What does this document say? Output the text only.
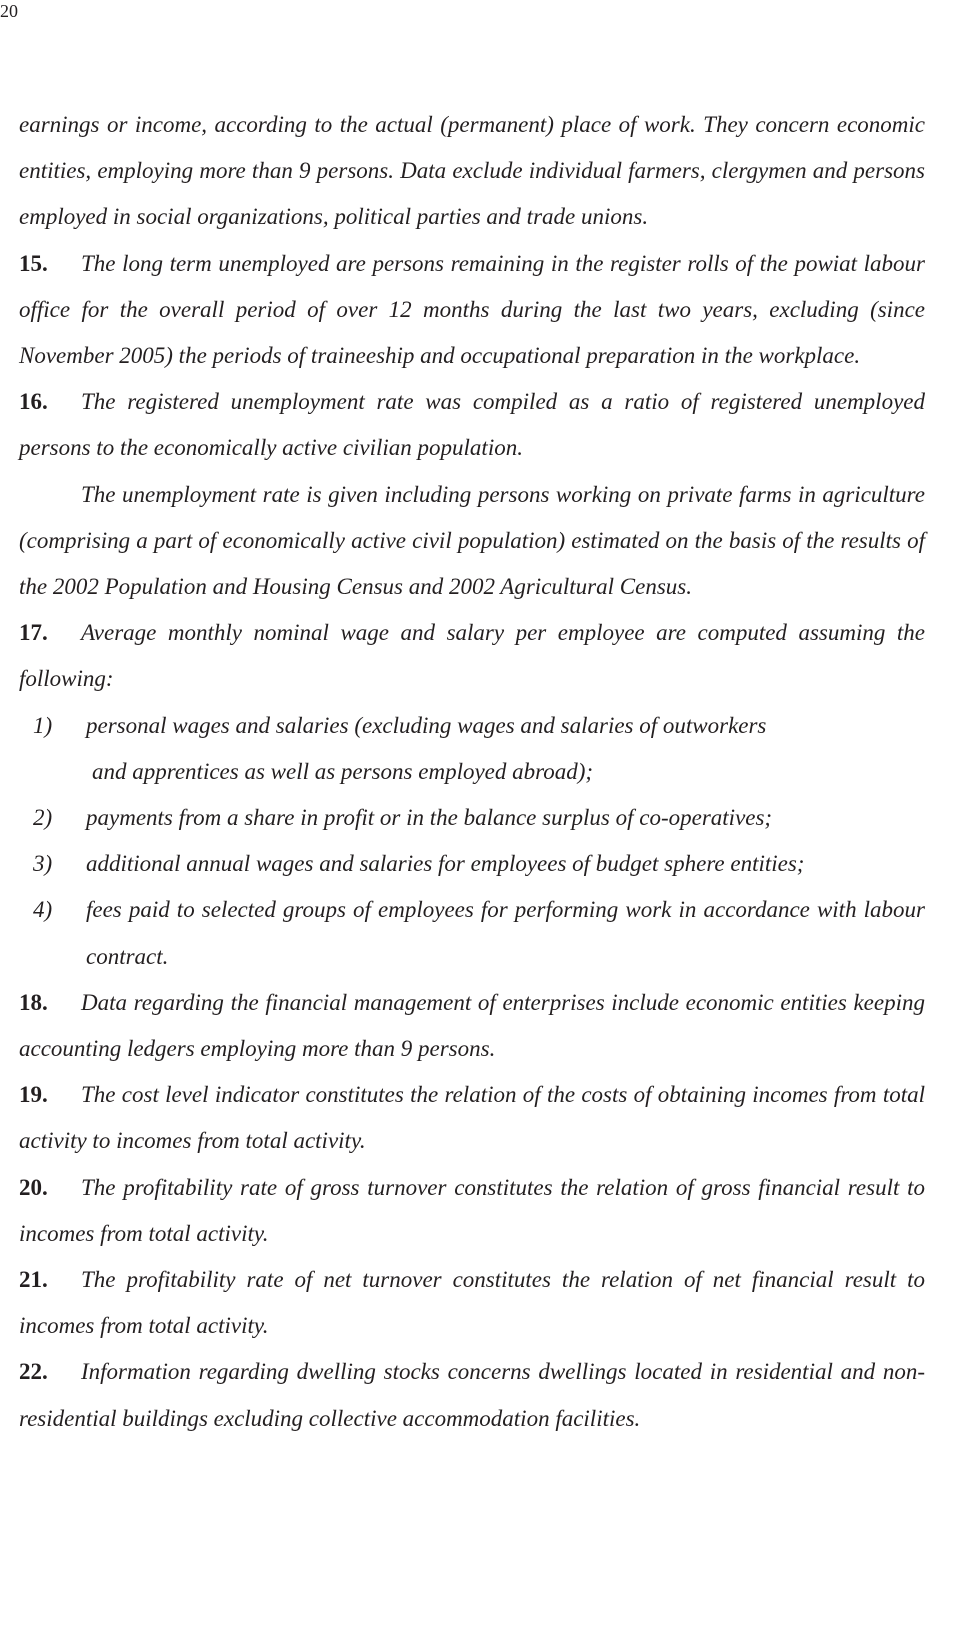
20

earnings or income, according to the actual (permanent) place of work. They concern economic entities, employing more than 9 persons. Data exclude individual farmers, clergymen and persons employed in social organizations, political parties and trade unions.

15. The long term unemployed are persons remaining in the register rolls of the powiat labour office for the overall period of over 12 months during the last two years, excluding (since November 2005) the periods of traineeship and occupational preparation in the workplace.

16. The registered unemployment rate was compiled as a ratio of registered unemployed persons to the economically active civilian population.

The unemployment rate is given including persons working on private farms in agriculture (comprising a part of economically active civil population) estimated on the basis of the results of the 2002 Population and Housing Census and 2002 Agricultural Census.

17. Average monthly nominal wage and salary per employee are computed assuming the following:

1)	personal wages and salaries (excluding wages and salaries of outworkers
and apprentices as well as persons employed abroad);
2)	payments from a share in profit or in the balance surplus of co-operatives;
3)	additional annual wages and salaries for employees of budget sphere entities;
4)	fees paid to selected groups of employees for performing work in accordance with labour contract.

18. Data regarding the financial management of enterprises include economic entities keeping accounting ledgers employing more than 9 persons.

19. The cost level indicator constitutes the relation of the costs of obtaining incomes from total activity to incomes from total activity.

20. The profitability rate of gross turnover constitutes the relation of gross financial result to incomes from total activity.

21. The profitability rate of net turnover constitutes the relation of net financial result to incomes from total activity.

22. Information regarding dwelling stocks concerns dwellings located in residential and non-residential buildings excluding collective accommodation facilities.
